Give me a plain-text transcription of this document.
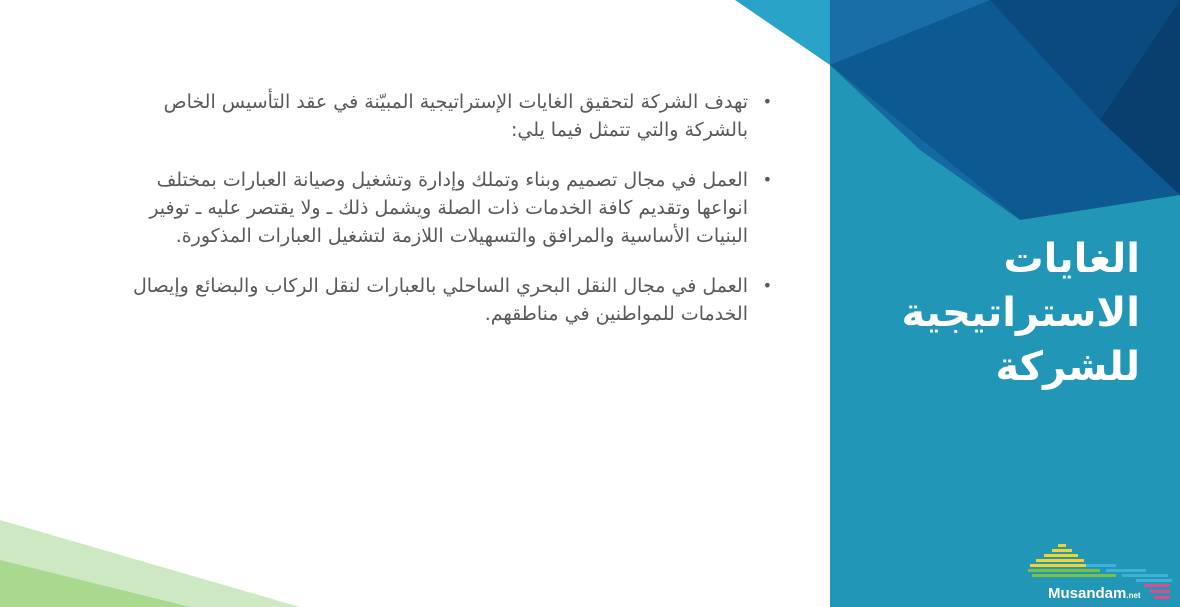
•
تهدف الشركة لتحقيق الغايات الإستراتيجية المبيّنة في عقد التأسيس الخاص بالشركة والتي تتمثل فيما يلي:
•
العمل في مجال تصميم وبناء وتملك وإدارة وتشغيل وصيانة العبارات بمختلف انواعها وتقديم كافة الخدمات ذات الصلة ويشمل ذلك ـ ولا يقتصر عليه ـ توفير البنيات الأساسية والمرافق والتسهيلات اللازمة لتشغيل العبارات المذكورة.
•
العمل في مجال النقل البحري الساحلي بالعبارات لنقل الركاب والبضائع وإيصال الخدمات للمواطنين في مناطقهم.
الغايات
الاستراتيجية
للشركة
Musandam.net
